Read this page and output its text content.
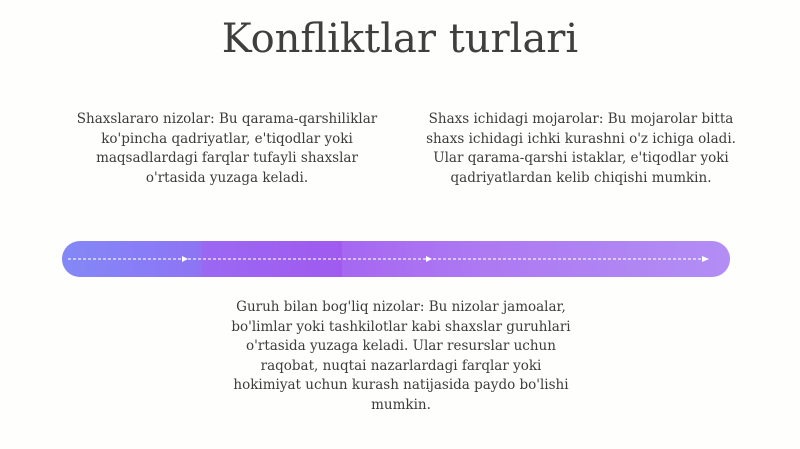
Konfliktlar turlari
Shaxslararo nizolar: Bu qarama-qarshiliklar ko'pincha qadriyatlar, e'tiqodlar yoki maqsadlardagi farqlar tufayli shaxslar o'rtasida yuzaga keladi.
Shaxs ichidagi mojarolar: Bu mojarolar bitta shaxs ichidagi ichki kurashni o'z ichiga oladi. Ular qarama-qarshi istaklar, e'tiqodlar yoki qadriyatlardan kelib chiqishi mumkin.
Guruh bilan bog'liq nizolar: Bu nizolar jamoalar, bo'limlar yoki tashkilotlar kabi shaxslar guruhlari o'rtasida yuzaga keladi. Ular resurslar uchun raqobat, nuqtai nazarlardagi farqlar yoki hokimiyat uchun kurash natijasida paydo bo'lishi mumkin.
